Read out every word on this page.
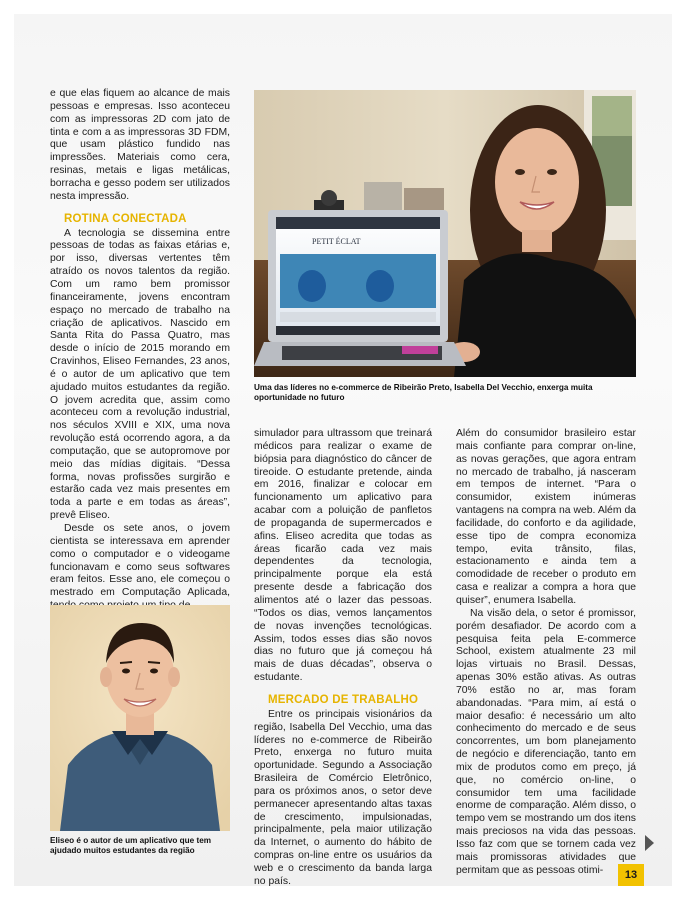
e que elas fiquem ao alcance de mais pessoas e empresas. Isso aconteceu com as impressoras 2D com jato de tinta e com a as impressoras 3D FDM, que usam plástico fundido nas impressões. Materiais como cera, resinas, metais e ligas metálicas, borracha e gesso podem ser utilizados nesta impressão.

ROTINA CONECTADA

A tecnologia se dissemina entre pessoas de todas as faixas etárias e, por isso, diversas vertentes têm atraído os novos talentos da região. Com um ramo bem promissor financeiramente, jovens encontram espaço no mercado de trabalho na criação de aplicativos. Nascido em Santa Rita do Passa Quatro, mas desde o início de 2015 morando em Cravinhos, Eliseo Fernandes, 23 anos, é o autor de um aplicativo que tem ajudado muitos estudantes da região. O jovem acredita que, assim como aconteceu com a revolução industrial, nos séculos XVIII e XIX, uma nova revolução está ocorrendo agora, a da computação, que se autopromove por meio das mídias digitais. “Dessa forma, novas profissões surgirão e estarão cada vez mais presentes em toda a parte e em todas as áreas”, prevê Eliseo.

Desde os sete anos, o jovem cientista se interessava em aprender como o computador e o videogame funcionavam e como seus softwares eram feitos. Esse ano, ele começou o mestrado em Computação Aplicada,

PETIT ÉCLAT
Uma das líderes no e-commerce de Ribeirão Preto, Isabella Del Vecchio, enxerga muita oportunidade no futuro
Eliseo é o autor de um aplicativo que tem ajudado muitos estudantes da região

simulador para ultrassom que treinará médicos para realizar o exame de biópsia para diagnóstico do câncer de tireoide. O estudante pretende, ainda em 2016, finalizar e colocar em funcionamento um aplicativo para acabar com a poluição de panfletos de propaganda de supermercados e afins. Eliseo acredita que todas as áreas ficarão cada vez mais dependentes da tecnologia, principalmente porque ela está presente desde a fabricação dos alimentos até o lazer das pessoas. “Todos os dias, vemos lançamentos de novas invenções tecnológicas. Assim, todos esses dias são novos dias no futuro que já começou há mais de duas décadas”, observa o estudante.

MERCADO DE TRABALHO

Entre os principais visionários da região, Isabella Del Vecchio, uma das líderes no e-commerce de Ribeirão Preto, enxerga no futuro muita oportunidade. Segundo a Associação Brasileira de Comércio Eletrônico, para os próximos anos, o setor deve permanecer apresentando altas taxas de crescimento, impulsionadas, principalmente, pela maior utilização da Internet, o aumento do hábito de compras on-line entre os usuários da web e o crescimento da banda larga no país.

Além do consumidor brasileiro estar mais confiante para comprar on-line, as novas gerações, que agora entram no mercado de trabalho, já nasceram em tempos de internet. “Para o consumidor, existem inúmeras vantagens na compra na web. Além da facilidade, do conforto e da agilidade, esse tipo de compra economiza tempo, evita trânsito, filas, estacionamento e ainda tem a comodidade de receber o produto em casa e realizar a compra a hora que quiser”, enumera Isabella.

Na visão dela, o setor é promissor, porém desafiador. De acordo com a pesquisa feita pela E-commerce School, existem atualmente 23 mil lojas virtuais no Brasil. Dessas, apenas 30% estão ativas. As outras 70% estão no ar, mas foram abandonadas. “Para mim, aí está o maior desafio: é necessário um alto conhecimento do mercado e de seus concorrentes, um bom planejamento de negócio e diferenciação, tanto em mix de produtos como em preço, já que, no comércio on-line, o consumidor tem uma facilidade enorme de comparação. Além disso, o tempo vem se mostrando um dos itens mais preciosos na vida das pessoas. Isso faz com que se tornem cada vez mais promissoras atividades que permitam que as pessoas otimi-	13
